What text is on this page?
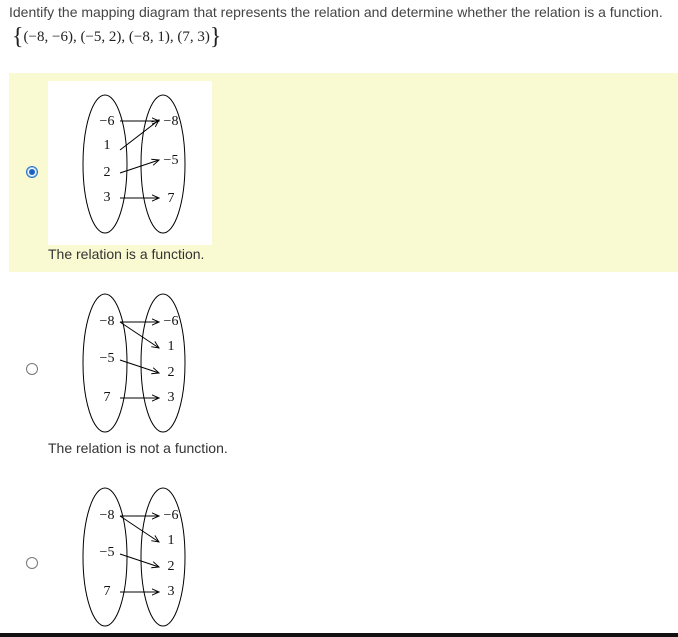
Identify the mapping diagram that represents the relation and determine whether the relation is a function.
{(−8, −6), (−5, 2), (−8, 1), (7, 3)}
−6
1
2
3
−8
−5
7
The relation is a function.
−8
−5
7
−6
1
2
3
The relation is not a function.
−8
−5
7
−6
1
2
3
